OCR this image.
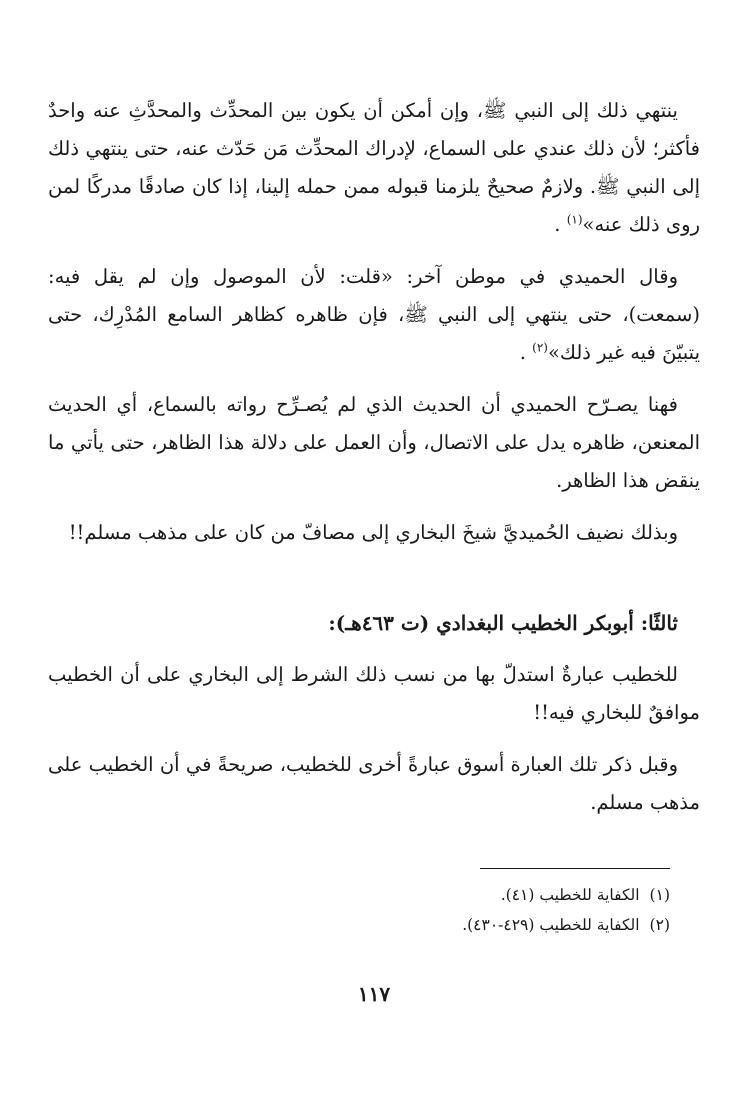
ينتهي ذلك إلى النبي ﷺ، وإن أمكن أن يكون بين المحدِّث والمحدَّثِ عنه واحدٌ فأكثر؛ لأن ذلك عندي على السماع، لإدراك المحدِّث مَن حَدّث عنه، حتى ينتهي ذلك إلى النبي ﷺ. ولازمٌ صحيحٌ يلزمنا قبوله ممن حمله إلينا، إذا كان صادقًا مدركًا لمن روى ذلك عنه»$^{(١)}$ .

وقال الحميدي في موطن آخر: «قلت: لأن الموصول وإن لم يقل فيه: (سمعت)، حتى ينتهي إلى النبي ﷺ، فإن ظاهره كظاهر السامع المُدْرِك، حتى يتبيّنَ فيه غير ذلك»$^{(٢)}$ .

فهنا يصـرّح الحميدي أن الحديث الذي لم يُصـرِّح رواته بالسماع، أي الحديث المعنعن، ظاهره يدل على الاتصال، وأن العمل على دلالة هذا الظاهر، حتى يأتي ما ينقض هذا الظاهر.

وبذلك نضيف الحُميديَّ شيخَ البخاري إلى مصافّ من كان على مذهب مسلم!!

ثالثًا: أبوبكر الخطيب البغدادي (ت ٤٦٣هـ):

للخطيب عبارةٌ استدلّ بها من نسب ذلك الشرط إلى البخاري على أن الخطيب موافقٌ للبخاري فيه!!

وقبل ذكر تلك العبارة أسوق عبارةً أخرى للخطيب، صريحةً في أن الخطيب على مذهب مسلم.

(١)الكفاية للخطيب (٤١).
(٢)الكفاية للخطيب (٤٢٩-٤٣٠).
١١٧
